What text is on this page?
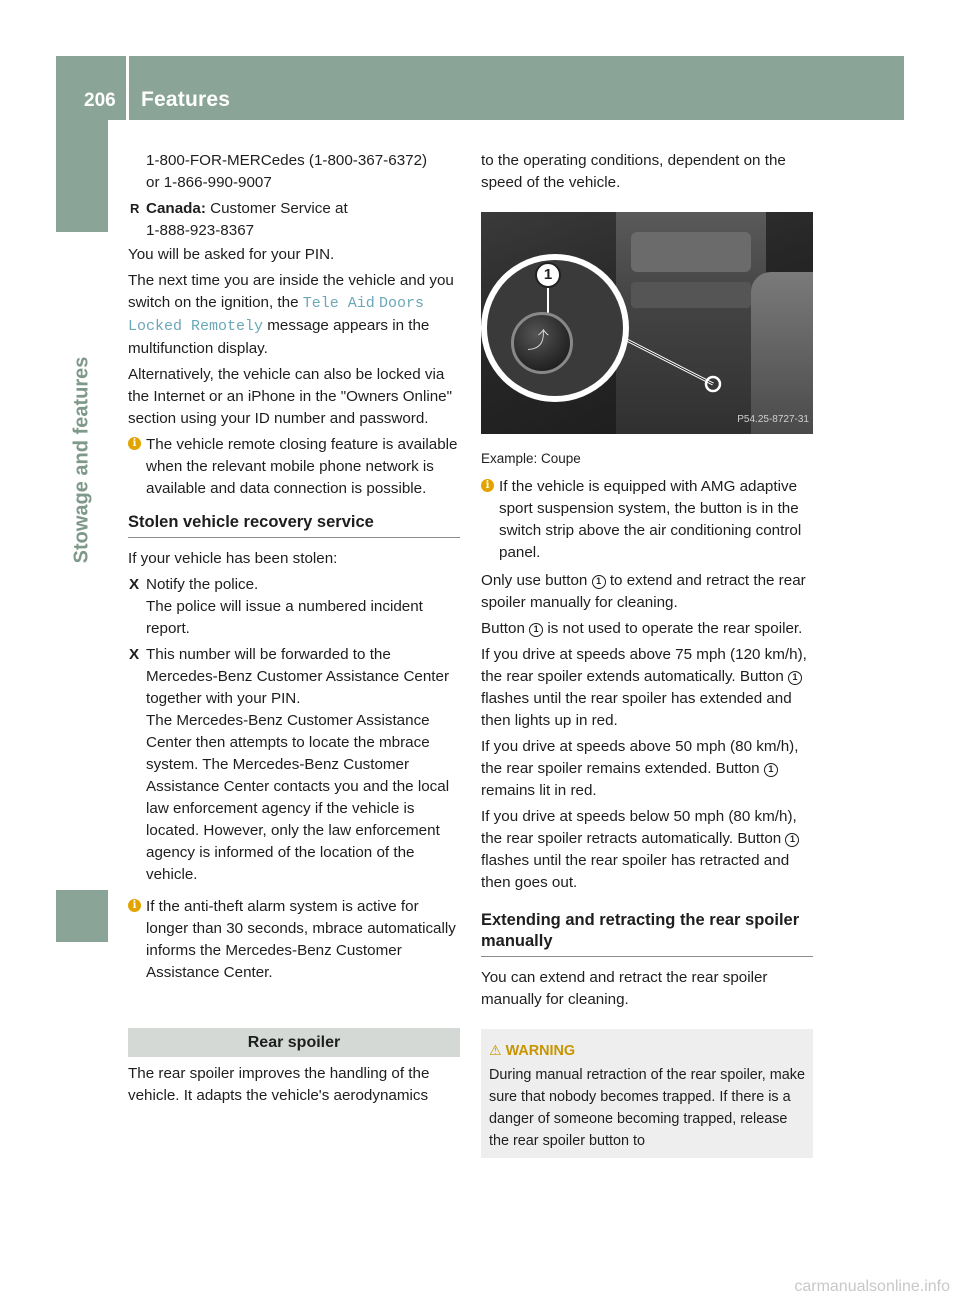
206 Features
Stowage and features
1-800-FOR-MERCedes (1-800-367-6372)
or 1-866-990-9007
R Canada: Customer Service at
1-888-923-8367
You will be asked for your PIN.
The next time you are inside the vehicle and you switch on the ignition, the Tele Aid Doors Locked Remotely message appears in the multifunction display.
Alternatively, the vehicle can also be locked via the Internet or an iPhone in the "Owners Online" section using your ID number and password.
i The vehicle remote closing feature is available when the relevant mobile phone network is available and data connection is possible.
Stolen vehicle recovery service
If your vehicle has been stolen:
X Notify the police.
The police will issue a numbered incident report.
X This number will be forwarded to the Mercedes-Benz Customer Assistance Center together with your PIN.
The Mercedes-Benz Customer Assistance Center then attempts to locate the mbrace system. The Mercedes-Benz Customer Assistance Center contacts you and the local law enforcement agency if the vehicle is located. However, only the law enforcement agency is informed of the location of the vehicle.
i If the anti-theft alarm system is active for longer than 30 seconds, mbrace automatically informs the Mercedes-Benz Customer Assistance Center.
Rear spoiler
The rear spoiler improves the handling of the vehicle. It adapts the vehicle's aerodynamics
to the operating conditions, dependent on the speed of the vehicle.
⤴
1
P54.25-8727-31
Example: Coupe
i If the vehicle is equipped with AMG adaptive sport suspension system, the button is in the switch strip above the air conditioning control panel.
Only use button 1 to extend and retract the rear spoiler manually for cleaning.
Button 1 is not used to operate the rear spoiler.
If you drive at speeds above 75 mph (120 km/h), the rear spoiler extends automatically. Button 1 flashes until the rear spoiler has extended and then lights up in red.
If you drive at speeds above 50 mph (80 km/h), the rear spoiler remains extended. Button 1 remains lit in red.
If you drive at speeds below 50 mph (80 km/h), the rear spoiler retracts automatically. Button 1 flashes until the rear spoiler has retracted and then goes out.
Extending and retracting the rear spoiler manually
You can extend and retract the rear spoiler manually for cleaning.
⚠ WARNING
During manual retraction of the rear spoiler, make sure that nobody becomes trapped. If there is a danger of someone becoming trapped, release the rear spoiler button to
carmanualsonline.info
